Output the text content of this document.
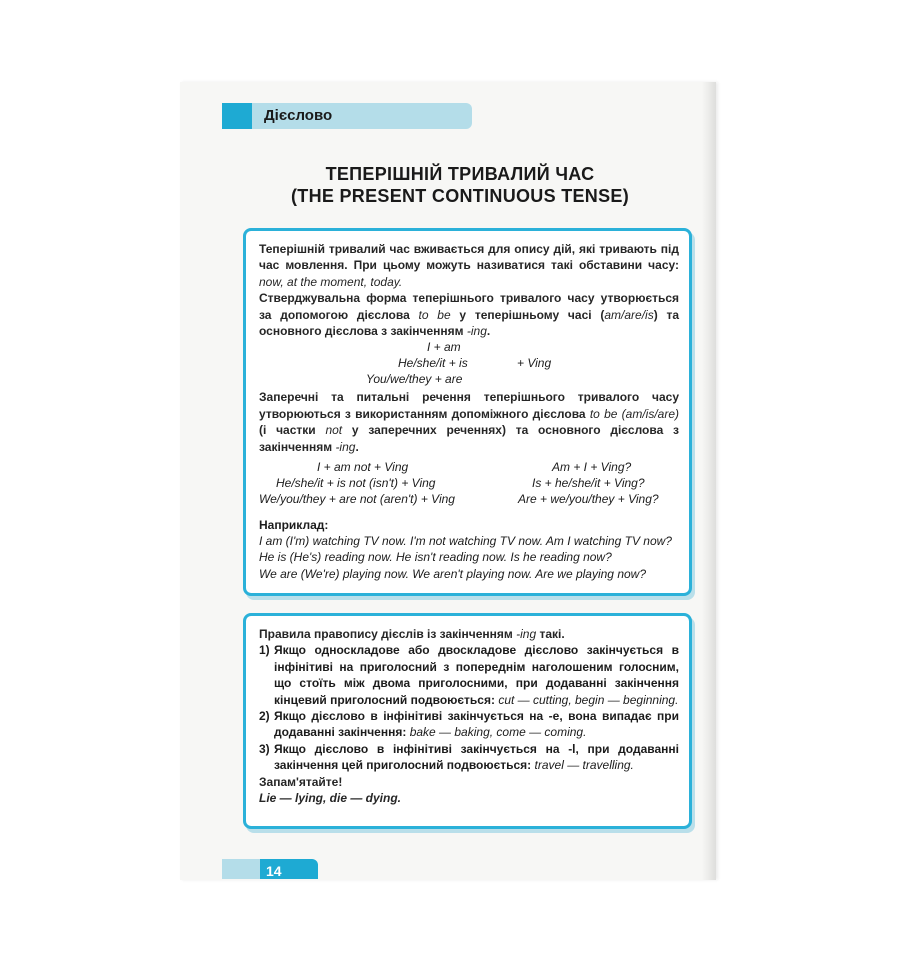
Дієслово
ТЕПЕРІШНІЙ ТРИВАЛИЙ ЧАС
(THE PRESENT CONTINUOUS TENSE)

Теперішній тривалий час вживається для опису дій, які тривають під час мовлення. При цьому можуть називатися такі обставини часу: now, at the moment, today.

Стверджувальна форма теперішнього тривалого часу утворюється за допомогою дієслова to be у теперішньому часі (am/are/is) та основного дієслова з закінченням -ing.

I + am
He/she/it + is
You/we/they + are
+ Ving

Заперечні та питальні речення теперішнього тривалого часу утворюються з використанням допоміжного дієслова to be (am/is/are) (і частки not у заперечних реченнях) та основного дієслова з закінченням -ing.

I + am not + Ving
He/she/it + is not (isn't) + Ving
We/you/they + are not (aren't) + Ving
Am + I + Ving?
Is + he/she/it + Ving?
Are + we/you/they + Ving?
Наприклад:
I am (I'm) watching TV now. I'm not watching TV now. Am I watching TV now?
He is (He's) reading now. He isn't reading now. Is he reading now?
We are (We're) playing now. We aren't playing now. Are we playing now?

Правила правопису дієслів із закінченням -ing такі.

1) Якщо односкладове або двоскладове дієслово закінчується в інфінітиві на приголосний з попереднім наголошеним голосним, що стоїть між двома приголосними, при додаванні закінчення кінцевий приголосний подвоюється: cut — cutting, begin — beginning.
2) Якщо дієслово в інфінітиві закінчується на -e, вона випадає при додаванні закінчення: bake — baking, come — coming.
3) Якщо дієслово в інфінітиві закінчується на -l, при додаванні закінчення цей приголосний подвоюється: travel — travelling.
Запам'ятайте!
Lie — lying, die — dying.
14
